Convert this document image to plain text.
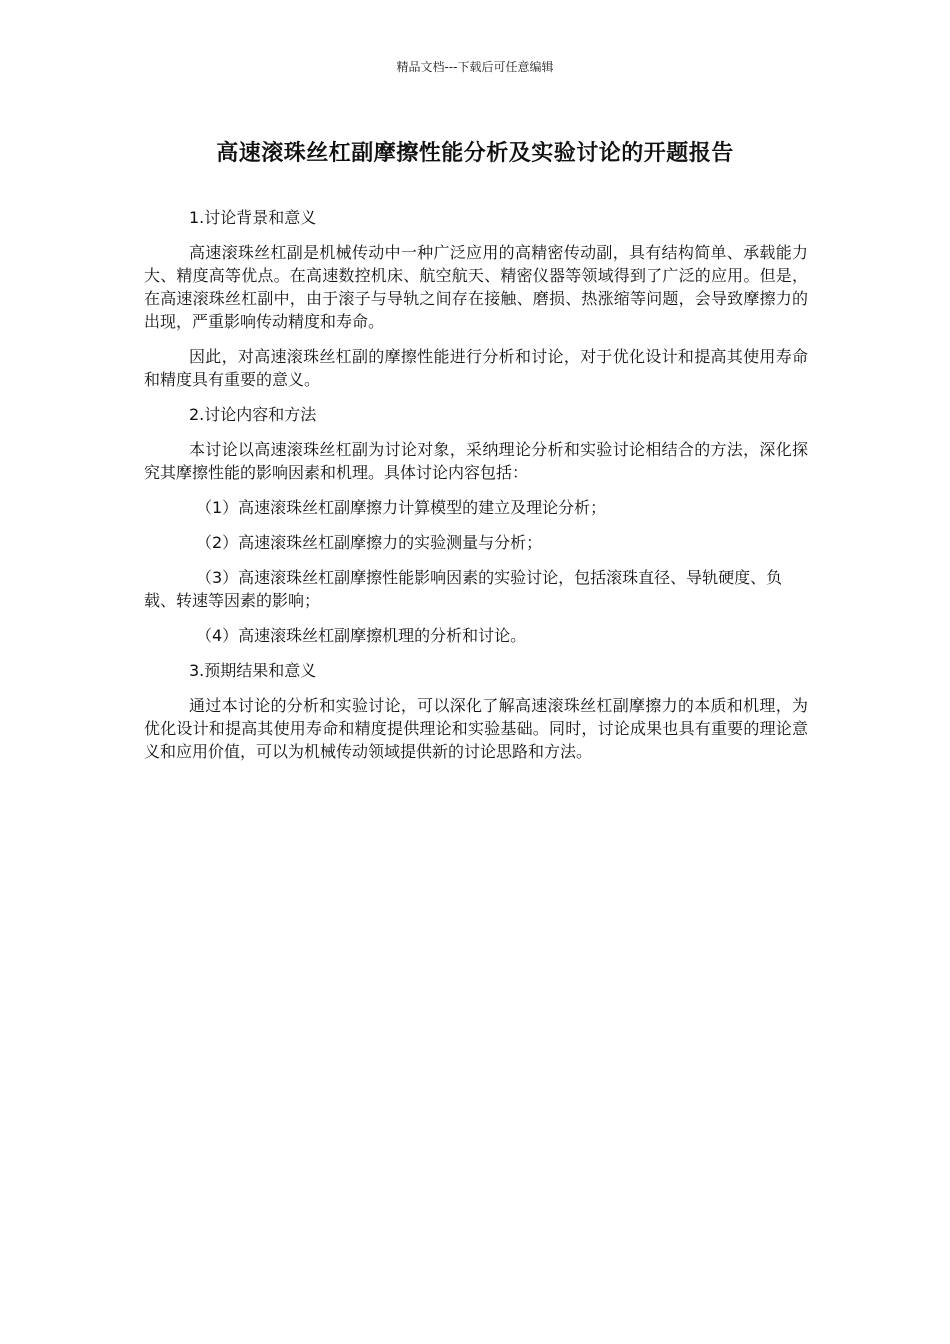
精品文档---下载后可任意编辑
高速滚珠丝杠副摩擦性能分析及实验讨论的开题报告
1.讨论背景和意义
高速滚珠丝杠副是机械传动中一种广泛应用的高精密传动副，具有结构简单、承载能力大、精度高等优点。在高速数控机床、航空航天、精密仪器等领域得到了广泛的应用。但是，在高速滚珠丝杠副中，由于滚子与导轨之间存在接触、磨损、热涨缩等问题，会导致摩擦力的出现，严重影响传动精度和寿命。
因此，对高速滚珠丝杠副的摩擦性能进行分析和讨论，对于优化设计和提高其使用寿命和精度具有重要的意义。
2.讨论内容和方法
本讨论以高速滚珠丝杠副为讨论对象，采纳理论分析和实验讨论相结合的方法，深化探究其摩擦性能的影响因素和机理。具体讨论内容包括：
（1）高速滚珠丝杠副摩擦力计算模型的建立及理论分析；
（2）高速滚珠丝杠副摩擦力的实验测量与分析；
（3）高速滚珠丝杠副摩擦性能影响因素的实验讨论，包括滚珠直径、导轨硬度、负载、转速等因素的影响；
（4）高速滚珠丝杠副摩擦机理的分析和讨论。
3.预期结果和意义
通过本讨论的分析和实验讨论，可以深化了解高速滚珠丝杠副摩擦力的本质和机理，为优化设计和提高其使用寿命和精度提供理论和实验基础。同时，讨论成果也具有重要的理论意义和应用价值，可以为机械传动领域提供新的讨论思路和方法。
